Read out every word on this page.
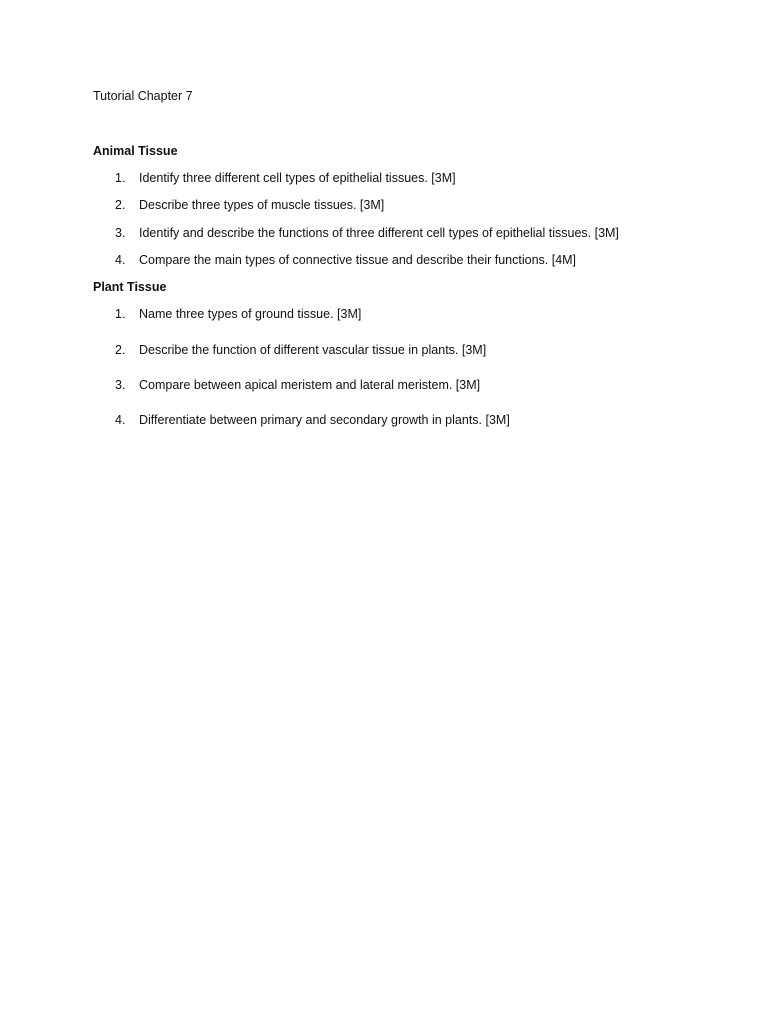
Tutorial Chapter 7
Animal Tissue
1. Identify three different cell types of epithelial tissues. [3M]
2. Describe three types of muscle tissues. [3M]
3. Identify and describe the functions of three different cell types of epithelial tissues. [3M]
4. Compare the main types of connective tissue and describe their functions. [4M]
Plant Tissue
1. Name three types of ground tissue. [3M]
2. Describe the function of different vascular tissue in plants. [3M]
3. Compare between apical meristem and lateral meristem. [3M]
4. Differentiate between primary and secondary growth in plants. [3M]
